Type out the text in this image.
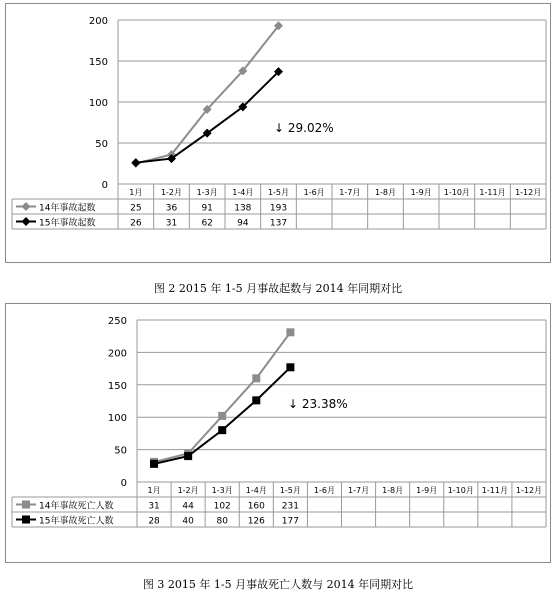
0
50
100
150
200
1月 1-2月 1-3月 1-4月 1-5月 1-6月 1-7月 1-8月 1-9月 1-10月 1-11月 1-12月
14年事故起数	25	36	91 138 193
15年事故起数	26	31	62	94 137
↓ 29.02%
图 2 2015 年 1-5 月事故起数与 2014 年同期对比
0
50
100
150
200
250
1月 1-2月 1-3月 1-4月 1-5月 1-6月 1-7月 1-8月 1-9月 1-10月 1-11月 1-12月
14年事故死亡人数	31	44 102 160 231
15年事故死亡人数	28	40	80 126 177
↓ 23.38%
图 3 2015 年 1-5 月事故死亡人数与 2014 年同期对比
